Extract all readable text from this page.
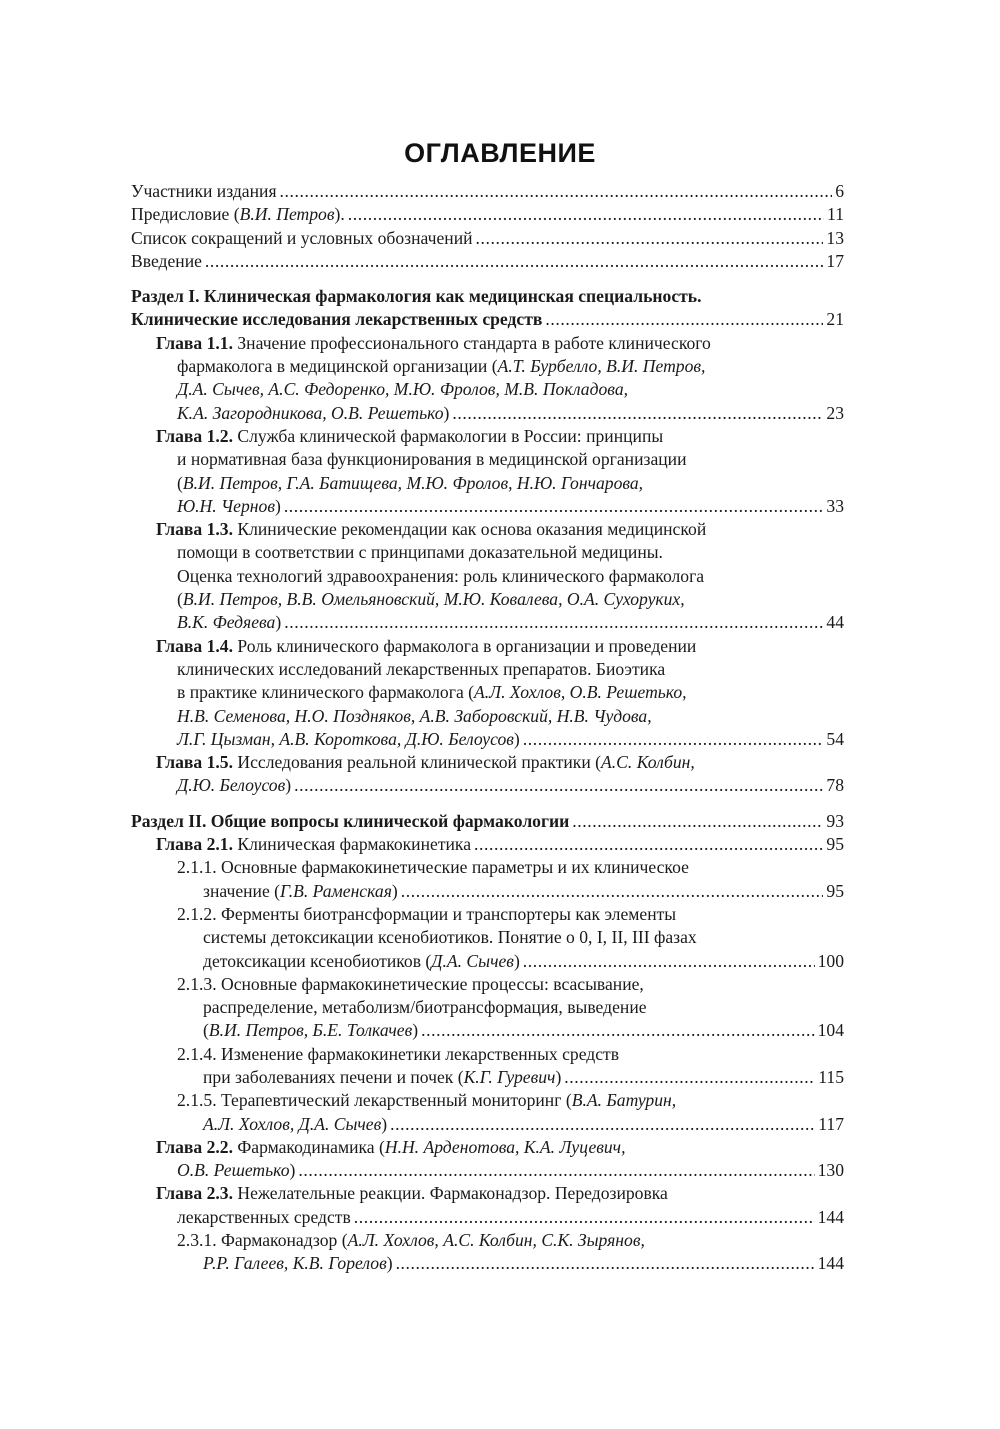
ОГЛАВЛЕНИЕ
Участники издания .....	6
Предисловие (В.И. Петров). .....	11
Список сокращений и условных обозначений .....	13
Введение .....	17
Раздел I. Клиническая фармакология как медицинская специальность.
Клинические исследования лекарственных средств .....	21
Глава 1.1. Значение профессионального стандарта в работе клинического
фармаколога в медицинской организации (А.Т. Бурбелло, В.И. Петров,
Д.А. Сычев, А.С. Федоренко, М.Ю. Фролов, М.В. Покладова,
К.А. Загородникова, О.В. Решетько) .....	23
Глава 1.2. Служба клинической фармакологии в России: принципы
и нормативная база функционирования в медицинской организации
(В.И. Петров, Г.А. Батищева, М.Ю. Фролов, Н.Ю. Гончарова,
Ю.Н. Чернов) .....	33
Глава 1.3. Клинические рекомендации как основа оказания медицинской
помощи в соответствии с принципами доказательной медицины.
Оценка технологий здравоохранения: роль клинического фармаколога
(В.И. Петров, В.В. Омельяновский, М.Ю. Ковалева, О.А. Сухоруких,
В.К. Федяева) .....	44
Глава 1.4. Роль клинического фармаколога в организации и проведении
клинических исследований лекарственных препаратов. Биоэтика
в практике клинического фармаколога (А.Л. Хохлов, О.В. Решетько,
Н.В. Семенова, Н.О. Поздняков, А.В. Заборовский, Н.В. Чудова,
Л.Г. Цызман, А.В. Короткова, Д.Ю. Белоусов) .....	54
Глава 1.5. Исследования реальной клинической практики (А.С. Колбин,
Д.Ю. Белоусов) .....	78
Раздел II. Общие вопросы клинической фармакологии .....	93
Глава 2.1. Клиническая фармакокинетика .....	95
2.1.1. Основные фармакокинетические параметры и их клиническое
значение (Г.В. Раменская) .....	95
2.1.2. Ферменты биотрансформации и транспортеры как элементы
системы детоксикации ксенобиотиков. Понятие о 0, I, II, III фазах
детоксикации ксенобиотиков (Д.А. Сычев) .....	100
2.1.3. Основные фармакокинетические процессы: всасывание,
распределение, метаболизм/биотрансформация, выведение
(В.И. Петров, Б.Е. Толкачев) .....	104
2.1.4. Изменение фармакокинетики лекарственных средств
при заболеваниях печени и почек (К.Г. Гуревич) .....	115
2.1.5. Терапевтический лекарственный мониторинг (В.А. Батурин,
А.Л. Хохлов, Д.А. Сычев) .....	117
Глава 2.2. Фармакодинамика (Н.Н. Арденотова, К.А. Луцевич,
О.В. Решетько) .....	130
Глава 2.3. Нежелательные реакции. Фармаконадзор. Передозировка
лекарственных средств .....	144
2.3.1. Фармаконадзор (А.Л. Хохлов, А.С. Колбин, С.К. Зырянов,
Р.Р. Галеев, К.В. Горелов) .....	144
